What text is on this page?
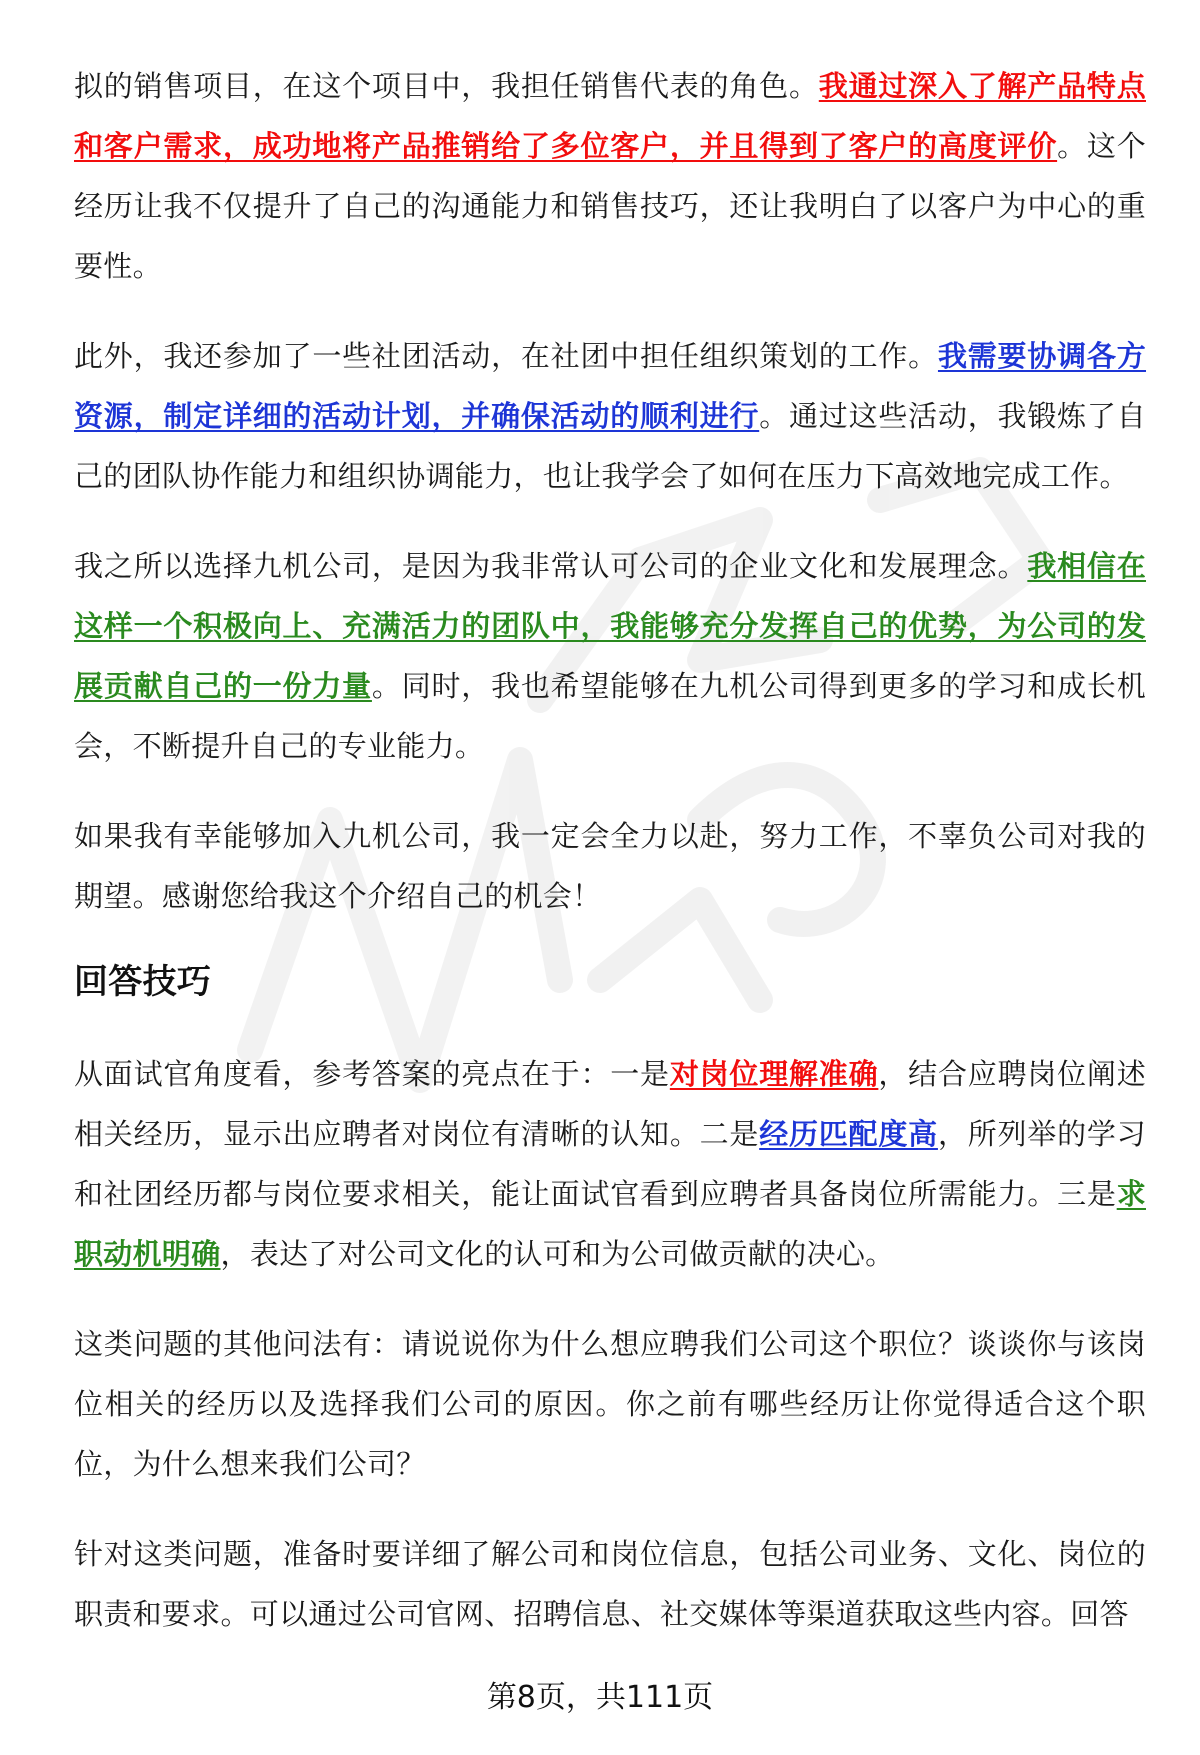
拟的销售项目，在这个项目中，我担任销售代表的角色。我通过深入了解产品特点和客户需求，成功地将产品推销给了多位客户，并且得到了客户的高度评价。这个经历让我不仅提升了自己的沟通能力和销售技巧，还让我明白了以客户为中心的重要性。

此外，我还参加了一些社团活动，在社团中担任组织策划的工作。我需要协调各方资源，制定详细的活动计划，并确保活动的顺利进行。通过这些活动，我锻炼了自己的团队协作能力和组织协调能力，也让我学会了如何在压力下高效地完成工作。

我之所以选择九机公司，是因为我非常认可公司的企业文化和发展理念。我相信在这样一个积极向上、充满活力的团队中，我能够充分发挥自己的优势，为公司的发展贡献自己的一份力量。同时，我也希望能够在九机公司得到更多的学习和成长机会，不断提升自己的专业能力。

如果我有幸能够加入九机公司，我一定会全力以赴，努力工作，不辜负公司对我的期望。感谢您给我这个介绍自己的机会！

回答技巧

从面试官角度看，参考答案的亮点在于：一是对岗位理解准确，结合应聘岗位阐述相关经历，显示出应聘者对岗位有清晰的认知。二是经历匹配度高，所列举的学习和社团经历都与岗位要求相关，能让面试官看到应聘者具备岗位所需能力。三是求职动机明确，表达了对公司文化的认可和为公司做贡献的决心。

这类问题的其他问法有：请说说你为什么想应聘我们公司这个职位？谈谈你与该岗位相关的经历以及选择我们公司的原因。你之前有哪些经历让你觉得适合这个职位，为什么想来我们公司？

针对这类问题，准备时要详细了解公司和岗位信息，包括公司业务、文化、岗位的职责和要求。可以通过公司官网、招聘信息、社交媒体等渠道获取这些内容。回答

第8页，共111页
